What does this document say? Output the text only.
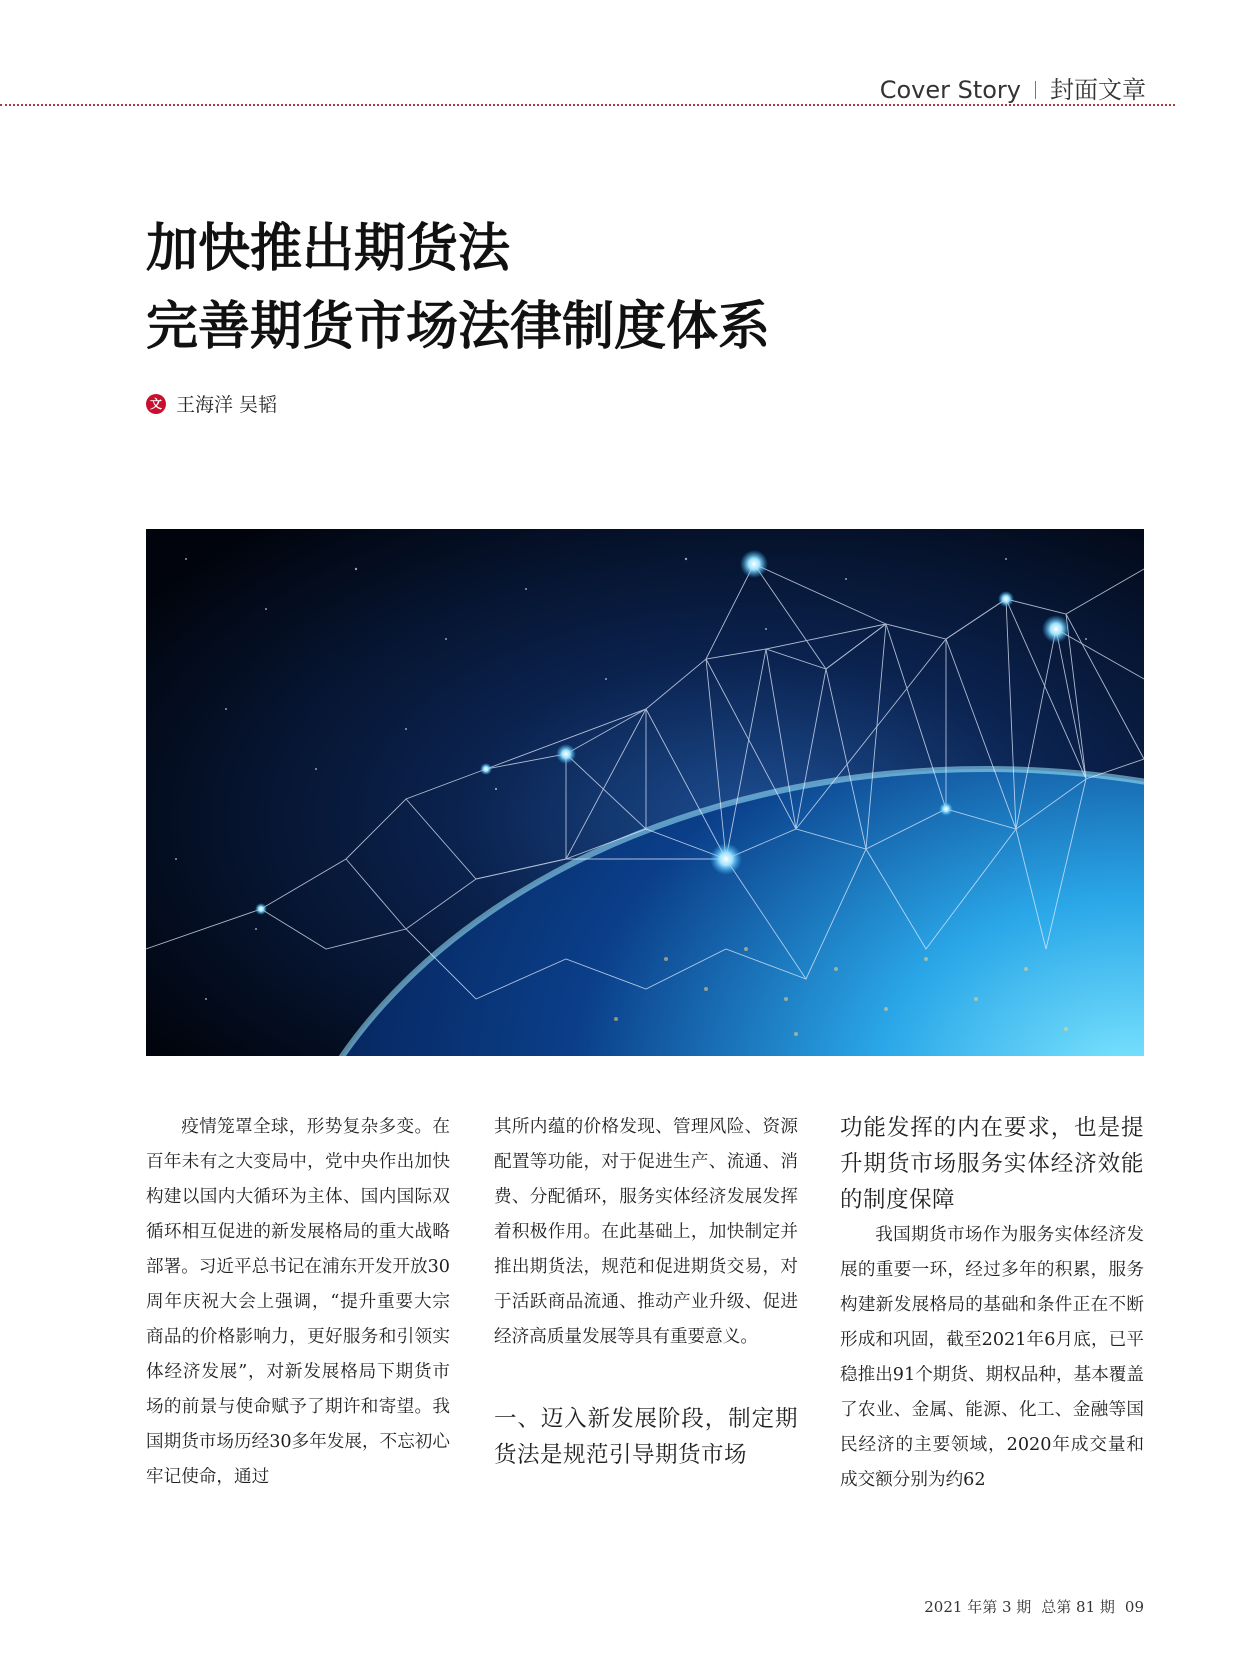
Cover Story 封面文章
加快推出期货法
完善期货市场法律制度体系
文 王海洋 吴韬

疫情笼罩全球，形势复杂多变。在百年未有之大变局中，党中央作出加快构建以国内大循环为主体、国内国际双循环相互促进的新发展格局的重大战略部署。习近平总书记在浦东开发开放30周年庆祝大会上强调，“提升重要大宗商品的价格影响力，更好服务和引领实体经济发展”，对新发展格局下期货市场的前景与使命赋予了期许和寄望。我国期货市场历经30多年发展，不忘初心牢记使命，通过

其所内蕴的价格发现、管理风险、资源配置等功能，对于促进生产、流通、消费、分配循环，服务实体经济发展发挥着积极作用。在此基础上，加快制定并推出期货法，规范和促进期货交易，对于活跃商品流通、推动产业升级、促进经济高质量发展等具有重要意义。

一、迈入新发展阶段，制定期货法是规范引导期货市场

功能发挥的内在要求，也是提升期货市场服务实体经济效能的制度保障

我国期货市场作为服务实体经济发展的重要一环，经过多年的积累，服务构建新发展格局的基础和条件正在不断形成和巩固，截至2021年6月底，已平稳推出91个期货、期权品种，基本覆盖了农业、金属、能源、化工、金融等国民经济的主要领域，2020年成交量和成交额分别为约62

2021 年第 3 期 总第 81 期 09
